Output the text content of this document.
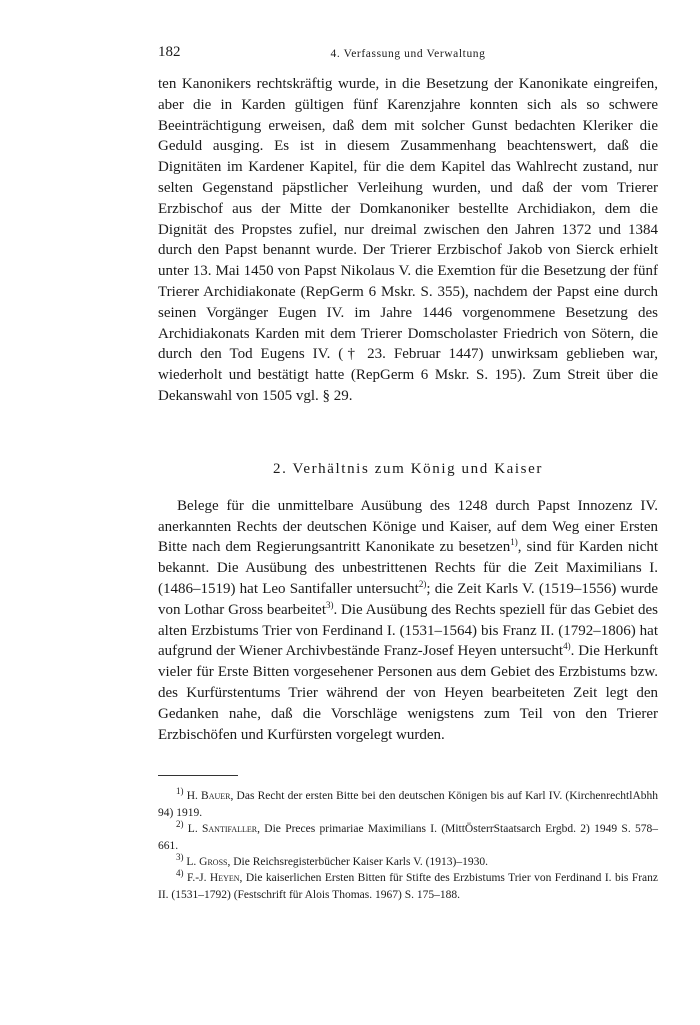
182	4. Verfassung und Verwaltung

ten Kanonikers rechtskräftig wurde, in die Besetzung der Kanonikate eingreifen, aber die in Karden gültigen fünf Karenzjahre konnten sich als so schwere Beeinträchtigung erweisen, daß dem mit solcher Gunst bedachten Kleriker die Geduld ausging. Es ist in diesem Zusammenhang beachtenswert, daß die Dignitäten im Kardener Kapitel, für die dem Kapitel das Wahlrecht zustand, nur selten Gegenstand päpstlicher Verleihung wurden, und daß der vom Trierer Erzbischof aus der Mitte der Domkanoniker bestellte Archidiakon, dem die Dignität des Propstes zufiel, nur dreimal zwischen den Jahren 1372 und 1384 durch den Papst benannt wurde. Der Trierer Erzbischof Jakob von Sierck erhielt unter 13. Mai 1450 von Papst Nikolaus V. die Exemtion für die Besetzung der fünf Trierer Archidiakonate (RepGerm 6 Mskr. S. 355), nachdem der Papst eine durch seinen Vorgänger Eugen IV. im Jahre 1446 vorgenommene Besetzung des Archidiakonats Karden mit dem Trierer Domscholaster Friedrich von Sötern, die durch den Tod Eugens IV. († 23. Februar 1447) unwirksam geblieben war, wiederholt und bestätigt hatte (RepGerm 6 Mskr. S. 195). Zum Streit über die Dekanswahl von 1505 vgl. § 29.

2. Verhältnis zum König und Kaiser

Belege für die unmittelbare Ausübung des 1248 durch Papst Innozenz IV. anerkannten Rechts der deutschen Könige und Kaiser, auf dem Weg einer Ersten Bitte nach dem Regierungsantritt Kanonikate zu besetzen$^{1)}$, sind für Karden nicht bekannt. Die Ausübung des unbestrittenen Rechts für die Zeit Maximilians I. (1486–1519) hat Leo Santifaller untersucht$^{2)}$; die Zeit Karls V. (1519–1556) wurde von Lothar Gross bearbeitet$^{3)}$. Die Ausübung des Rechts speziell für das Gebiet des alten Erzbistums Trier von Ferdinand I. (1531–1564) bis Franz II. (1792–1806) hat aufgrund der Wiener Archivbestände Franz-Josef Heyen untersucht$^{4)}$. Die Herkunft vieler für Erste Bitten vorgesehener Personen aus dem Gebiet des Erzbistums bzw. des Kurfürstentums Trier während der von Heyen bearbeiteten Zeit legt den Gedanken nahe, daß die Vorschläge wenigstens zum Teil von den Trierer Erzbischöfen und Kurfürsten vorgelegt wurden.

$^{1)}$ H. Bauer, Das Recht der ersten Bitte bei den deutschen Königen bis auf Karl IV. (KirchenrechtlAbhh 94) 1919.

$^{2)}$ L. Santifaller, Die Preces primariae Maximilians I. (MittÖsterrStaatsarch Ergbd. 2) 1949 S. 578–661.

$^{3)}$ L. Gross, Die Reichsregisterbücher Kaiser Karls V. (1913)–1930.

$^{4)}$ F.-J. Heyen, Die kaiserlichen Ersten Bitten für Stifte des Erzbistums Trier von Ferdinand I. bis Franz II. (1531–1792) (Festschrift für Alois Thomas. 1967) S. 175–188.
